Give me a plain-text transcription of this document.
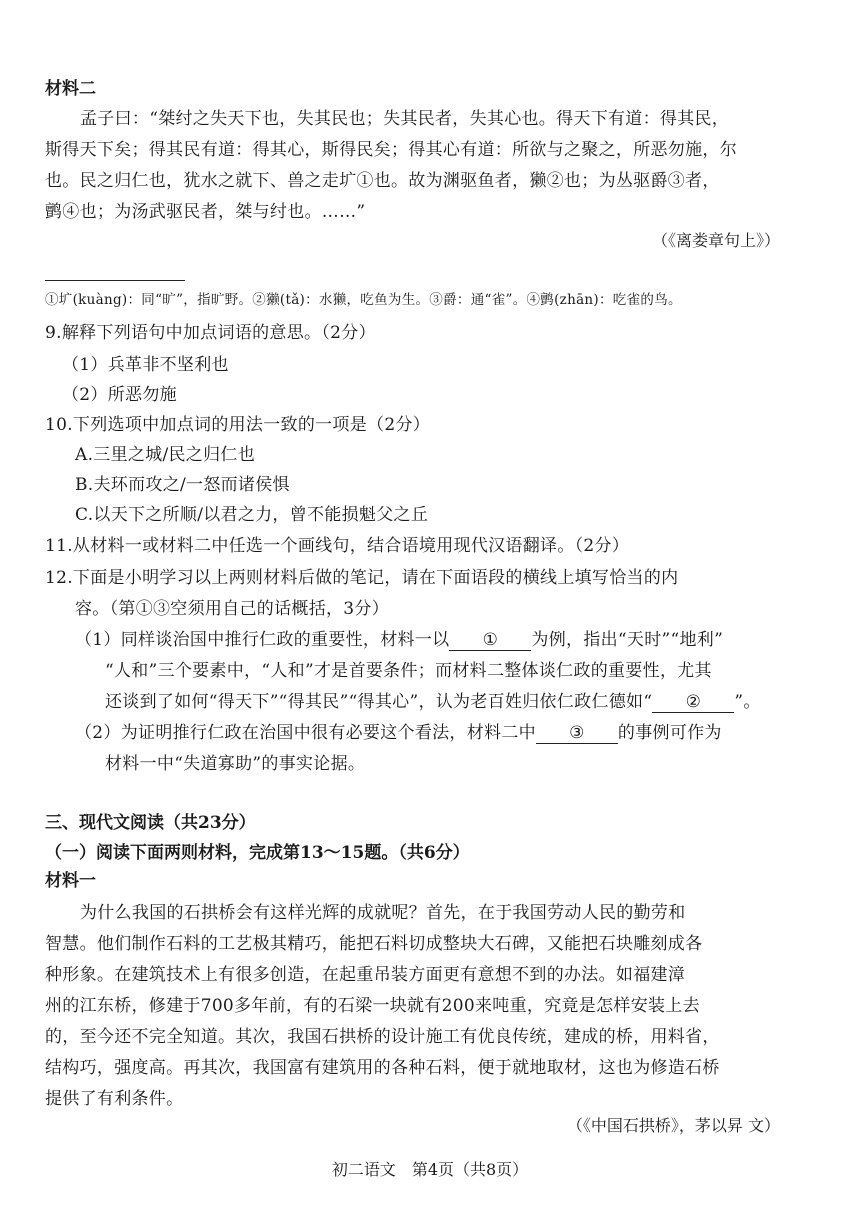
材料二
孟子曰：“桀纣之失天下也，失其民也；失其民者，失其心也。得天下有道：得其民，
斯得天下矣；得其民有道：得其心，斯得民矣；得其心有道：所欲与之聚之，所恶勿施，尔
也。民之归仁也，犹水之就下、兽之走圹①也。故为渊驱鱼者，獭②也；为丛驱爵③者，
鹯④也；为汤武驱民者，桀与纣也。……”
（《离娄章句上》）
①圹(kuàng)：同“旷”，指旷野。②獭(tǎ)：水獭，吃鱼为生。③爵：通“雀”。④鹯(zhān)：吃雀的鸟。
9.解释下列语句中加点词语的意思。（2分）
（1）兵革非不坚利也
（2）所恶勿施
10.下列选项中加点词的用法一致的一项是（2分）
A.三里之城/民之归仁也
B.夫环而攻之/一怒而诸侯惧
C.以天下之所顺/以君之力，曾不能损魁父之丘
11.从材料一或材料二中任选一个画线句，结合语境用现代汉语翻译。（2分）
12.下面是小明学习以上两则材料后做的笔记，请在下面语段的横线上填写恰当的内
容。（第①③空须用自己的话概括，3分）
（1）同样谈治国中推行仁政的重要性，材料一以 ① 为例，指出“天时”“地利”
“人和”三个要素中，“人和”才是首要条件；而材料二整体谈仁政的重要性，尤其
还谈到了如何“得天下”“得其民”“得其心”，认为老百姓归依仁政仁德如“ ② ”。
（2）为证明推行仁政在治国中很有必要这个看法，材料二中 ③ 的事例可作为
材料一中“失道寡助”的事实论据。
三、现代文阅读（共23分）
（一）阅读下面两则材料，完成第13～15题。（共6分）
材料一
为什么我国的石拱桥会有这样光辉的成就呢？首先，在于我国劳动人民的勤劳和
智慧。他们制作石料的工艺极其精巧，能把石料切成整块大石碑，又能把石块雕刻成各
种形象。在建筑技术上有很多创造，在起重吊装方面更有意想不到的办法。如福建漳
州的江东桥，修建于700多年前，有的石梁一块就有200来吨重，究竟是怎样安装上去
的，至今还不完全知道。其次，我国石拱桥的设计施工有优良传统，建成的桥，用料省，
结构巧，强度高。再其次，我国富有建筑用的各种石料，便于就地取材，这也为修造石桥
提供了有利条件。
（《中国石拱桥》，茅以昇 文）
初二语文　第4页（共8页）
